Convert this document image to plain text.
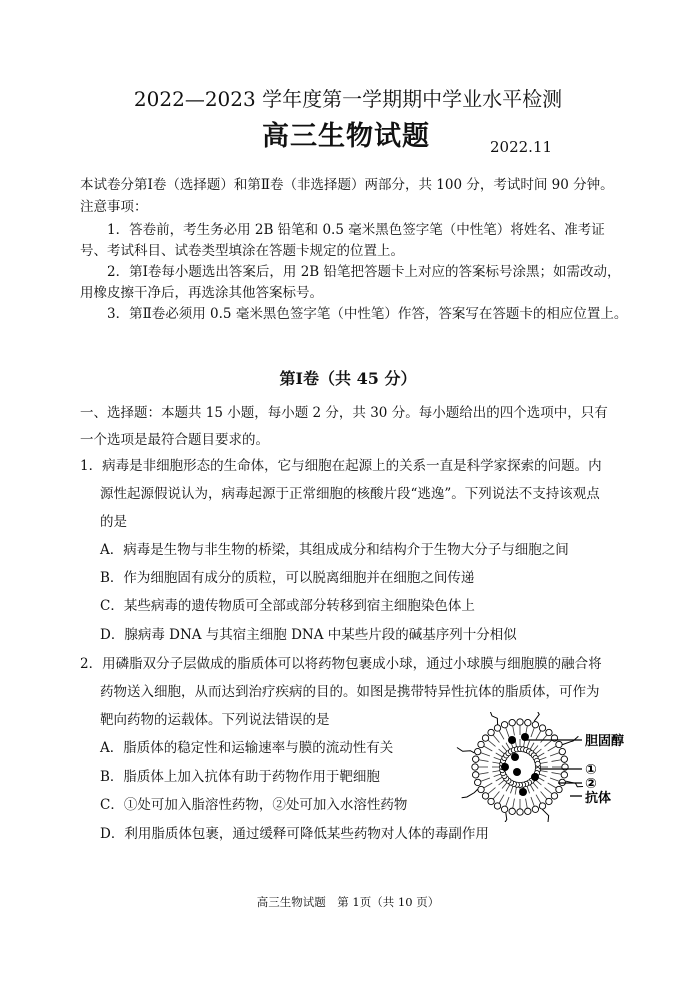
2022—2023 学年度第一学期期中学业水平检测
高三生物试题	2022.11
本试卷分第Ⅰ卷（选择题）和第Ⅱ卷（非选择题）两部分，共 100 分，考试时间 90 分钟。
注意事项：
1．答卷前，考生务必用 2B 铅笔和 0.5 毫米黑色签字笔（中性笔）将姓名、准考证
号、考试科目、试卷类型填涂在答题卡规定的位置上。
2．第Ⅰ卷每小题选出答案后，用 2B 铅笔把答题卡上对应的答案标号涂黑；如需改动，
用橡皮擦干净后，再选涂其他答案标号。
3．第Ⅱ卷必须用 0.5 毫米黑色签字笔（中性笔）作答，答案写在答题卡的相应位置上。
第Ⅰ卷（共 45 分）
一、选择题：本题共 15 小题，每小题 2 分，共 30 分。每小题给出的四个选项中，只有
一个选项是最符合题目要求的。
1．病毒是非细胞形态的生命体，它与细胞在起源上的关系一直是科学家探索的问题。内
源性起源假说认为，病毒起源于正常细胞的核酸片段“逃逸”。下列说法不支持该观点
的是
A．病毒是生物与非生物的桥梁，其组成成分和结构介于生物大分子与细胞之间
B．作为细胞固有成分的质粒，可以脱离细胞并在细胞之间传递
C．某些病毒的遗传物质可全部或部分转移到宿主细胞染色体上
D．腺病毒 DNA 与其宿主细胞 DNA 中某些片段的碱基序列十分相似
2．用磷脂双分子层做成的脂质体可以将药物包裹成小球，通过小球膜与细胞膜的融合将
药物送入细胞，从而达到治疗疾病的目的。如图是携带特异性抗体的脂质体，可作为
靶向药物的运载体。下列说法错误的是
A．脂质体的稳定性和运输速率与膜的流动性有关
B．脂质体上加入抗体有助于药物作用于靶细胞
C．①处可加入脂溶性药物，②处可加入水溶性药物
D．利用脂质体包裹，通过缓释可降低某些药物对人体的毒副作用
胆固醇
①
②
抗体
高三生物试题　第 1页（共 10 页）
